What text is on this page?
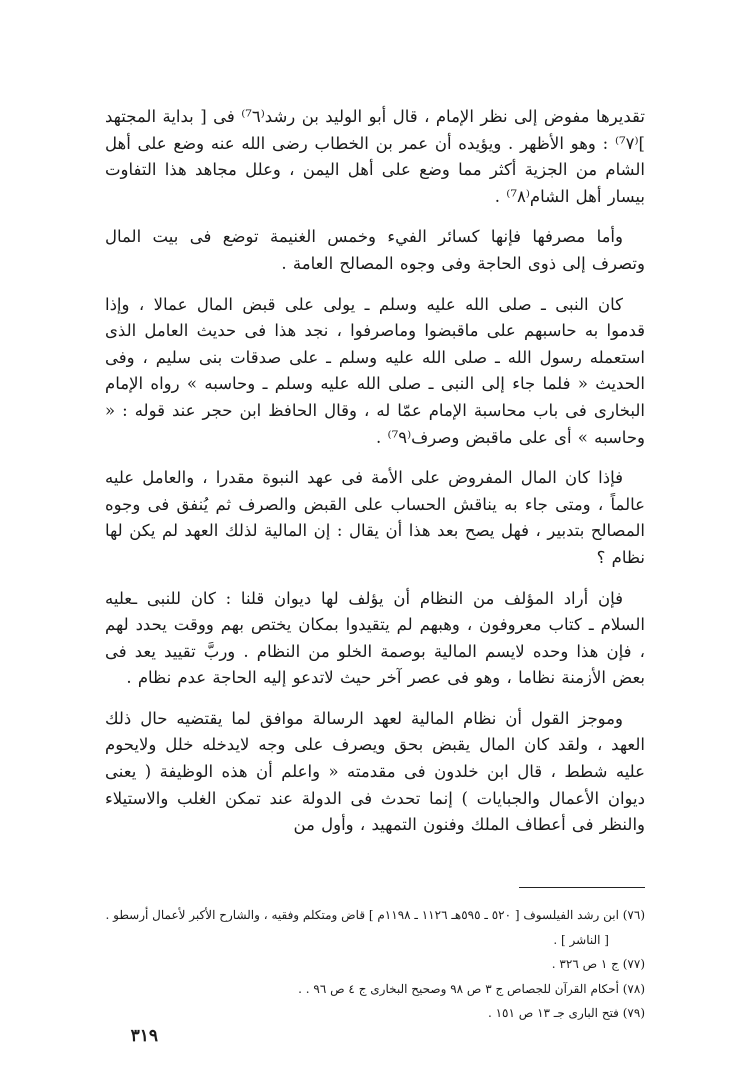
تقديرها مفوض إلى نظر الإمام ، قال أبو الوليد بن رشد⁽⁷٦⁾ فى [ بداية المجتهد ]⁽⁷٧⁾ : وهو الأظهر . ويؤيده أن عمر بن الخطاب رضى الله عنه وضع على أهل الشام من الجزية أكثر مما وضع على أهل اليمن ، وعلل مجاهد هذا التفاوت بيسار أهل الشام⁽⁷٨⁾ .

وأما مصرفها فإنها كسائر الفيء وخمس الغنيمة توضع فى بيت المال وتصرف إلى ذوى الحاجة وفى وجوه المصالح العامة .

كان النبى ـ صلى الله عليه وسلم ـ يولى على قبض المال عمالا ، وإذا قدموا به حاسبهم على ماقبضوا وماصرفوا ، نجد هذا فى حديث العامل الذى استعمله رسول الله ـ صلى الله عليه وسلم ـ على صدقات بنى سليم ، وفى الحديث « فلما جاء إلى النبى ـ صلى الله عليه وسلم ـ وحاسبه » رواه الإمام البخارى فى باب محاسبة الإمام عمّا له ، وقال الحافظ ابن حجر عند قوله : « وحاسبه » أى على ماقبض وصرف⁽⁷٩⁾ .

فإذا كان المال المفروض على الأمة فى عهد النبوة مقدرا ، والعامل عليه عالماً ، ومتى جاء به يناقش الحساب على القبض والصرف ثم يُنفق فى وجوه المصالح بتدبير ، فهل يصح بعد هذا أن يقال : إن المالية لذلك العهد لم يكن لها نظام ؟

فإن أراد المؤلف من النظام أن يؤلف لها ديوان قلنا : كان للنبى ـعليه السلام ـ كتاب معروفون ، وهبهم لم يتقيدوا بمكان يختص بهم ووقت يحدد لهم ، فإن هذا وحده لايسم المالية بوصمة الخلو من النظام . وربَّ تقييد يعد فى بعض الأزمنة نظاما ، وهو فى عصر آخر حيث لاتدعو إليه الحاجة عدم نظام .

وموجز القول أن نظام المالية لعهد الرسالة موافق لما يقتضيه حال ذلك العهد ، ولقد كان المال يقبض بحق ويصرف على وجه لايدخله خلل ولايحوم عليه شطط ، قال ابن خلدون فى مقدمته « واعلم أن هذه الوظيفة ( يعنى ديوان الأعمال والجبايات ) إنما تحدث فى الدولة عند تمكن الغلب والاستيلاء والنظر فى أعطاف الملك وفنون التمهيد ، وأول من

(٧٦) ابن رشد الفيلسوف [ ٥٢٠ ـ ٥٩٥هـ ١١٢٦ ـ ١١٩٨م ] قاض ومتكلم وفقيه ، والشارح الأكبر لأعمال أرسطو .

[ الناشر ] .

(٧٧) ج ١ ص ٣٢٦ .

(٧٨) أحكام القرآن للجصاص ج ٣ ص ٩٨ وصحيح البخارى ج ٤ ص ٩٦ . .

(٧٩) فتح البارى جـ ١٣ ص ١٥١ .

٣١٩
